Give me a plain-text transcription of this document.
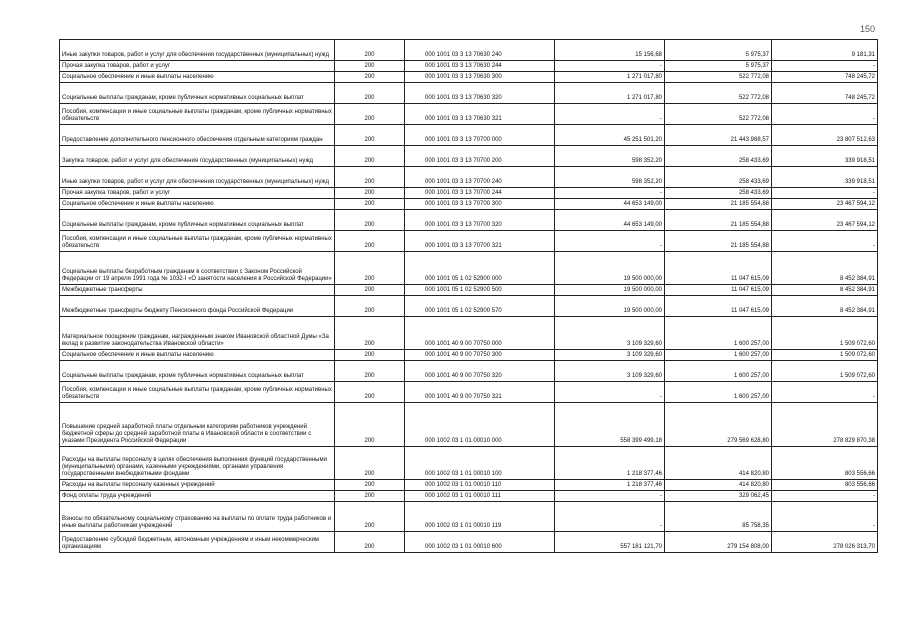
150
Иные закупки товаров, работ и услуг для обеспечения государственных (муниципальных) нужд	200	000 1001 03 3 13 70630 240	15 156,68	5 975,37	9 181,31
Прочая закупка товаров, работ и услуг	200	000 1001 03 3 13 70630 244	-	5 975,37	-
Социальное обеспечение и иные выплаты населению	200	000 1001 03 3 13 70630 300	1 271 017,80	522 772,08	748 245,72
Социальные выплаты гражданам, кроме публичных нормативных социальных выплат	200	000 1001 03 3 13 70630 320	1 271 017,80	522 772,08	748 245,72
Пособия, компенсации и иные социальные выплаты гражданам, кроме публичных нормативных обязательств	200	000 1001 03 3 13 70630 321	-	522 772,08	-
Предоставление дополнительного пенсионного обеспечения отдельным категориям граждан	200	000 1001 03 3 13 70700 000	45 251 501,20	21 443 988,57	23 807 512,63
Закупка товаров, работ и услуг для обеспечения государственных (муниципальных) нужд	200	000 1001 03 3 13 70700 200	598 352,20	258 433,69	339 918,51
Иные закупки товаров, работ и услуг для обеспечения государственных (муниципальных) нужд	200	000 1001 03 3 13 70700 240	598 352,20	258 433,69	339 918,51
Прочая закупка товаров, работ и услуг	200	000 1001 03 3 13 70700 244	-	258 433,69	-
Социальное обеспечение и иные выплаты населению	200	000 1001 03 3 13 70700 300	44 653 149,00	21 185 554,88	23 467 594,12
Социальные выплаты гражданам, кроме публичных нормативных социальных выплат	200	000 1001 03 3 13 70700 320	44 653 149,00	21 185 554,88	23 467 594,12
Пособия, компенсации и иные социальные выплаты гражданам, кроме публичных нормативных обязательств	200	000 1001 03 3 13 70700 321	-	21 185 554,88	-
Социальные выплаты безработным гражданам в соответствии с Законом Российской Федерации от 19 апреля 1991 года № 1032-I «О занятости населения в Российской Федерации»	200	000 1001 05 1 02 52900 000	19 500 000,00	11 047 615,09	8 452 384,91
Межбюджетные трансферты	200	000 1001 05 1 02 52900 500	19 500 000,00	11 047 615,09	8 452 384,91
Межбюджетные трансферты бюджету Пенсионного фонда Российской Федерации	200	000 1001 05 1 02 52900 570	19 500 000,00	11 047 615,09	8 452 384,91
Материальное поощрение гражданам, награжденным знаком Ивановской областной Думы «За вклад в развитие законодательства Ивановской области»	200	000 1001 40 9 00 70750 000	3 109 329,60	1 600 257,00	1 509 072,60
Социальное обеспечение и иные выплаты населению	200	000 1001 40 9 00 70750 300	3 109 329,60	1 600 257,00	1 509 072,60
Социальные выплаты гражданам, кроме публичных нормативных социальных выплат	200	000 1001 40 9 00 70750 320	3 109 329,60	1 600 257,00	1 509 072,60
Пособия, компенсации и иные социальные выплаты гражданам, кроме публичных нормативных обязательств	200	000 1001 40 9 00 70750 321	-	1 600 257,00	-
Повышение средней заработной платы отдельным категориям работников учреждений бюджетной сферы до средней заработной платы в Ивановской области в соответствии с указами Президента Российской Федерации	200	000 1002 03 1 01 00010 000	558 399 499,18	279 569 628,80	278 829 870,38
Расходы на выплаты персоналу в целях обеспечения выполнения функций государственными (муниципальными) органами, казенными учреждениями, органами управления государственными внебюджетными фондами	200	000 1002 03 1 01 00010 100	1 218 377,46	414 820,80	803 556,66
Расходы на выплаты персоналу казенных учреждений	200	000 1002 03 1 01 00010 110	1 218 377,46	414 820,80	803 556,66
Фонд оплаты труда учреждений	200	000 1002 03 1 01 00010 111	-	329 062,45	-
Взносы по обязательному социальному страхованию на выплаты по оплате труда работников и иные выплаты работникам учреждений	200	000 1002 03 1 01 00010 119	-	85 758,35	-
Предоставление субсидий бюджетным, автономным учреждениям и иным некоммерческим организациям	200	000 1002 03 1 01 00010 600	557 181 121,70	279 154 808,00	278 026 313,70
